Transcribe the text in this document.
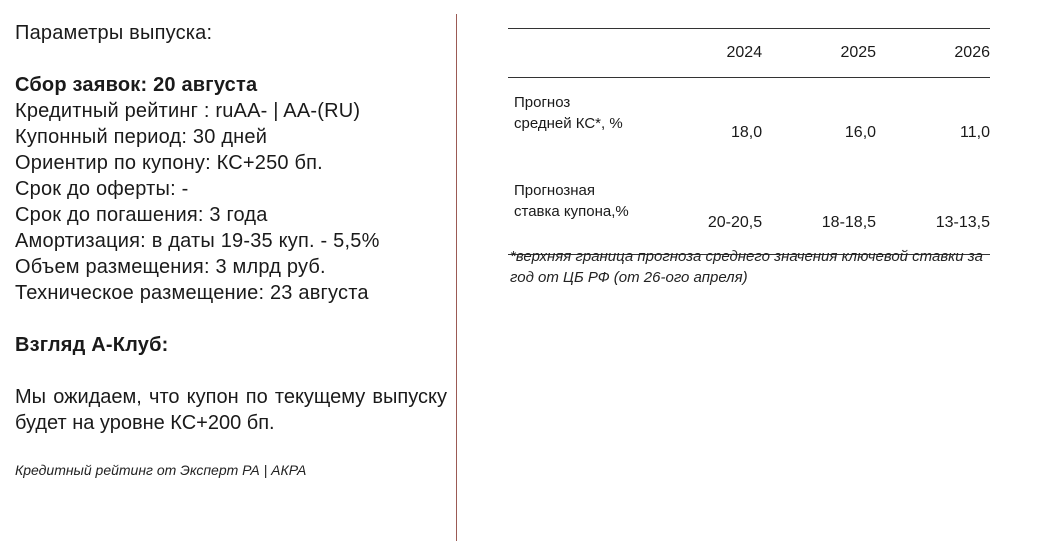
Параметры выпуска:
Сбор заявок: 20 августа
Кредитный рейтинг : ruAA- | AA-(RU)
Купонный период: 30 дней
Ориентир по купону: КС+250 бп.
Срок до оферты: -
Срок до погашения: 3 года
Амортизация: в даты 19-35 куп. - 5,5%
Объем размещения: 3 млрд руб.
Техническое размещение: 23 августа
Взгляд А-Клуб:
Мы ожидаем, что купон по текущему выпуску будет на уровне КС+200 бп.
Кредитный рейтинг от Эксперт РА | АКРА
	2024	2025	2026

Прогноз
средней КС*, %	18,0	16,0	11,0

Прогнозная
ставка купона,%	20-20,5	18-18,5	13-13,5
*верхняя граница прогноза среднего значения ключевой ставки за год от ЦБ РФ (от 26-ого апреля)
